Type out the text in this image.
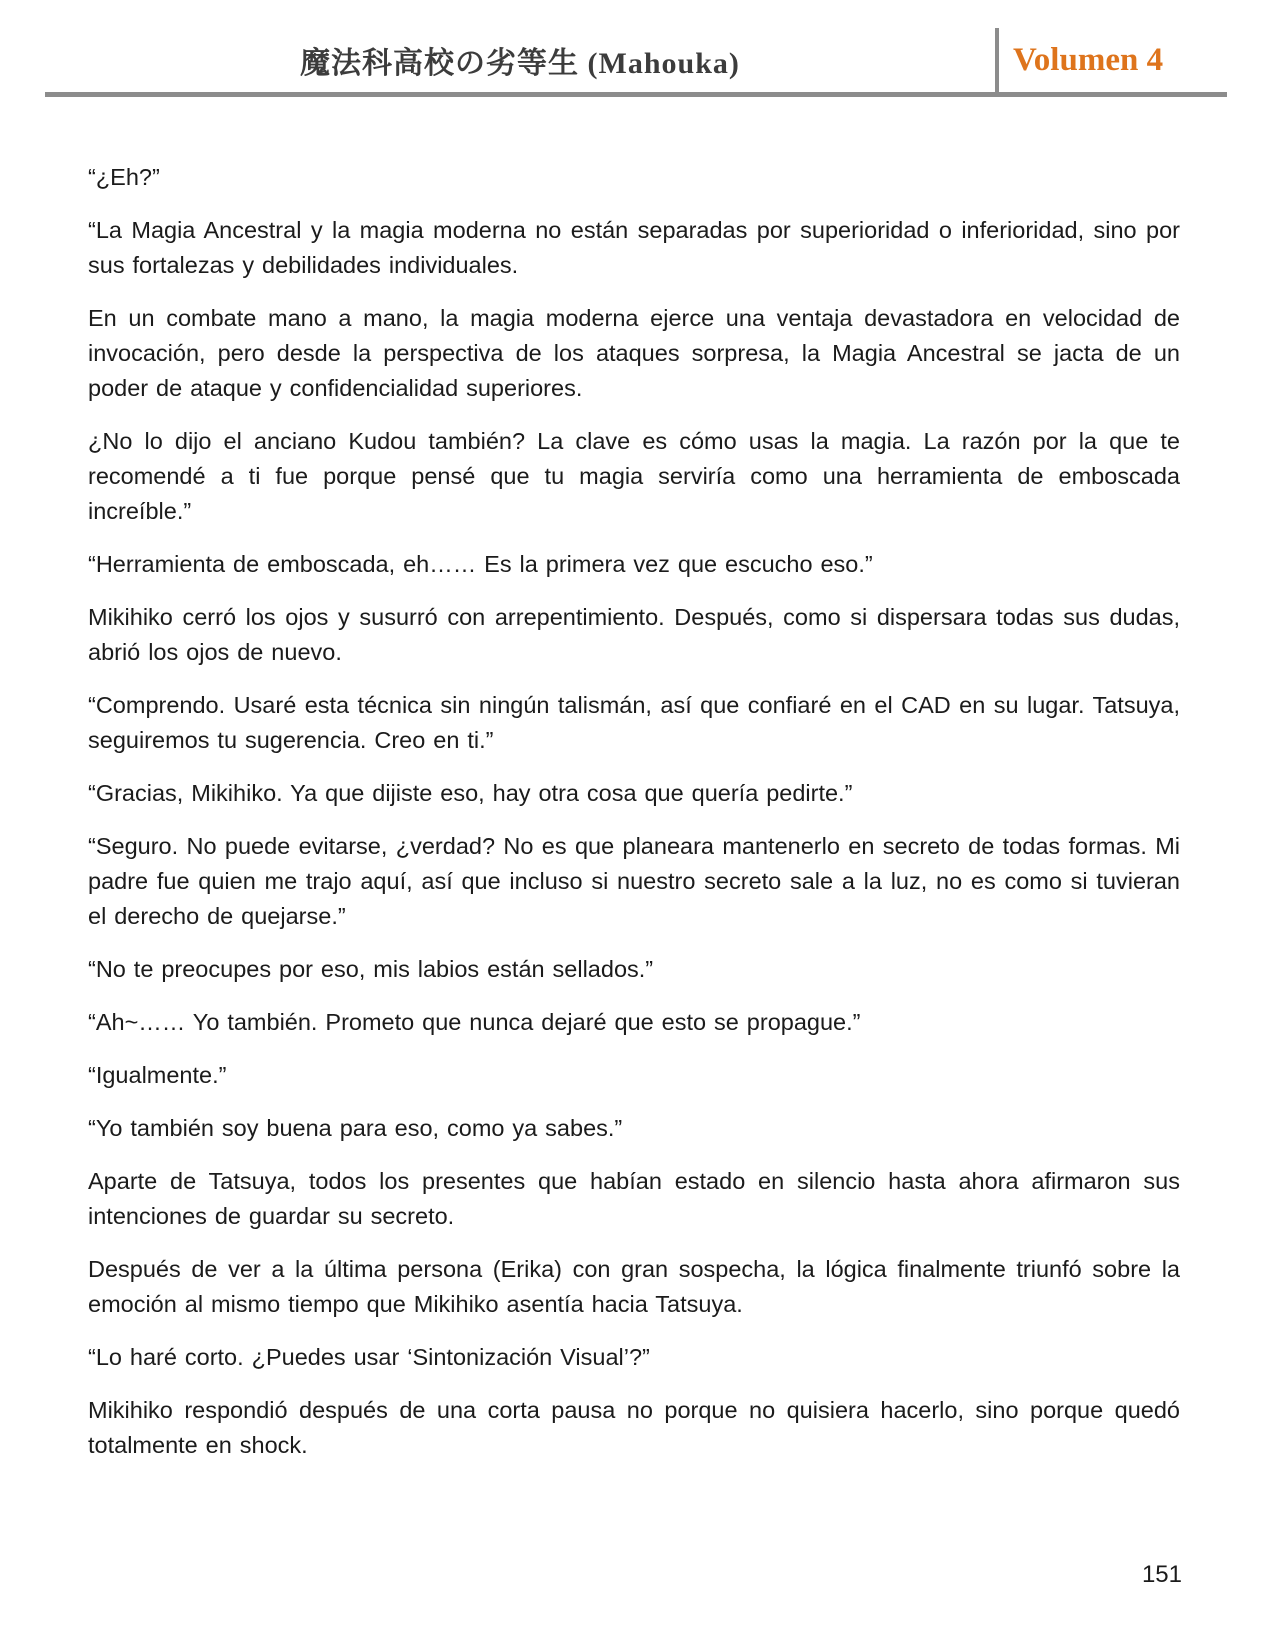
魔法科高校の劣等生 (Mahouka)	Volumen 4

“¿Eh?”

“La Magia Ancestral y la magia moderna no están separadas por superioridad o inferioridad, sino por sus fortalezas y debilidades individuales.

En un combate mano a mano, la magia moderna ejerce una ventaja devastadora en velocidad de invocación, pero desde la perspectiva de los ataques sorpresa, la Magia Ancestral se jacta de un poder de ataque y confidencialidad superiores.

¿No lo dijo el anciano Kudou también? La clave es cómo usas la magia. La razón por la que te recomendé a ti fue porque pensé que tu magia serviría como una herramienta de emboscada increíble.”

“Herramienta de emboscada, eh…… Es la primera vez que escucho eso.”

Mikihiko cerró los ojos y susurró con arrepentimiento. Después, como si dispersara todas sus dudas, abrió los ojos de nuevo.

“Comprendo. Usaré esta técnica sin ningún talismán, así que confiaré en el CAD en su lugar. Tatsuya, seguiremos tu sugerencia. Creo en ti.”

“Gracias, Mikihiko. Ya que dijiste eso, hay otra cosa que quería pedirte.”

“Seguro. No puede evitarse, ¿verdad? No es que planeara mantenerlo en secreto de todas formas. Mi padre fue quien me trajo aquí, así que incluso si nuestro secreto sale a la luz, no es como si tuvieran el derecho de quejarse.”

“No te preocupes por eso, mis labios están sellados.”

“Ah~…… Yo también. Prometo que nunca dejaré que esto se propague.”

“Igualmente.”

“Yo también soy buena para eso, como ya sabes.”

Aparte de Tatsuya, todos los presentes que habían estado en silencio hasta ahora afirmaron sus intenciones de guardar su secreto.

Después de ver a la última persona (Erika) con gran sospecha, la lógica finalmente triunfó sobre la emoción al mismo tiempo que Mikihiko asentía hacia Tatsuya.

“Lo haré corto. ¿Puedes usar ‘Sintonización Visual’?”

Mikihiko respondió después de una corta pausa no porque no quisiera hacerlo, sino porque quedó totalmente en shock.

151
